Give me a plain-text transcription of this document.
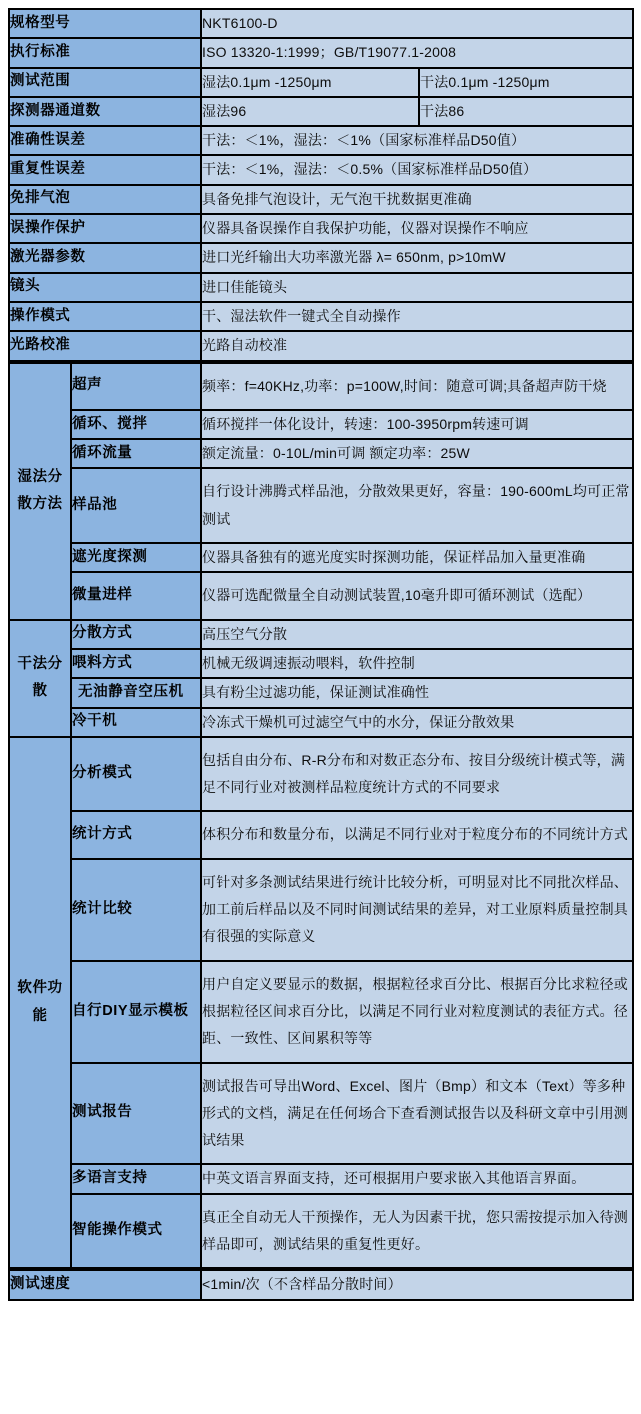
规格型号	NKT6100-D	
执行标准	ISO 13320-1:1999；GB/T19077.1-2008	
测试范围	湿法0.1μm -1250μm	干法0.1μm -1250μm
探测器通道数	湿法96	干法86
准确性误差	干法：＜1%，湿法：＜1%（国家标准样品D50值）	
重复性误差	干法：＜1%，湿法：＜0.5%（国家标准样品D50值）	
免排气泡	具备免排气泡设计，无气泡干扰数据更准确	
误操作保护	仪器具备误操作自我保护功能，仪器对误操作不响应	
激光器参数	进口光纤输出大功率激光器 λ= 650nm, p>10mW	
镜头	进口佳能镜头	
操作模式	干、湿法软件一键式全自动操作	
光路校准	光路自动校准	
湿法分散方法	超声	频率：f=40KHz,功率：p=100W,时间：随意可调;具备超声防干烧
	循环、搅拌	循环搅拌一体化设计，转速：100-3950rpm转速可调
	循环流量	额定流量：0-10L/min可调 额定功率：25W
	样品池	自行设计沸腾式样品池，分散效果更好，容量：190-600mL均可正常测试
	遮光度探测	仪器具备独有的遮光度实时探测功能，保证样品加入量更准确
	微量进样	仪器可选配微量全自动测试装置,10毫升即可循环测试（选配）
干法分散	分散方式	高压空气分散
	喂料方式	机械无级调速振动喂料，软件控制
	无油静音空压机	具有粉尘过滤功能，保证测试准确性
	冷干机	冷冻式干燥机可过滤空气中的水分，保证分散效果
软件功能	分析模式	包括自由分布、R-R分布和对数正态分布、按目分级统计模式等，满足不同行业对被测样品粒度统计方式的不同要求
	统计方式	体积分布和数量分布，以满足不同行业对于粒度分布的不同统计方式
	统计比较	可针对多条测试结果进行统计比较分析，可明显对比不同批次样品、加工前后样品以及不同时间测试结果的差异，对工业原料质量控制具有很强的实际意义
	自行DIY显示模板	用户自定义要显示的数据，根据粒径求百分比、根据百分比求粒径或根据粒径区间求百分比，以满足不同行业对粒度测试的表征方式。径距、一致性、区间累积等等
	测试报告	测试报告可导出Word、Excel、图片（Bmp）和文本（Text）等多种形式的文档，满足在任何场合下查看测试报告以及科研文章中引用测试结果
	多语言支持	中英文语言界面支持，还可根据用户要求嵌入其他语言界面。
	智能操作模式	真正全自动无人干预操作，无人为因素干扰，您只需按提示加入待测样品即可，测试结果的重复性更好。
测试速度	<1min/次（不含样品分散时间）
